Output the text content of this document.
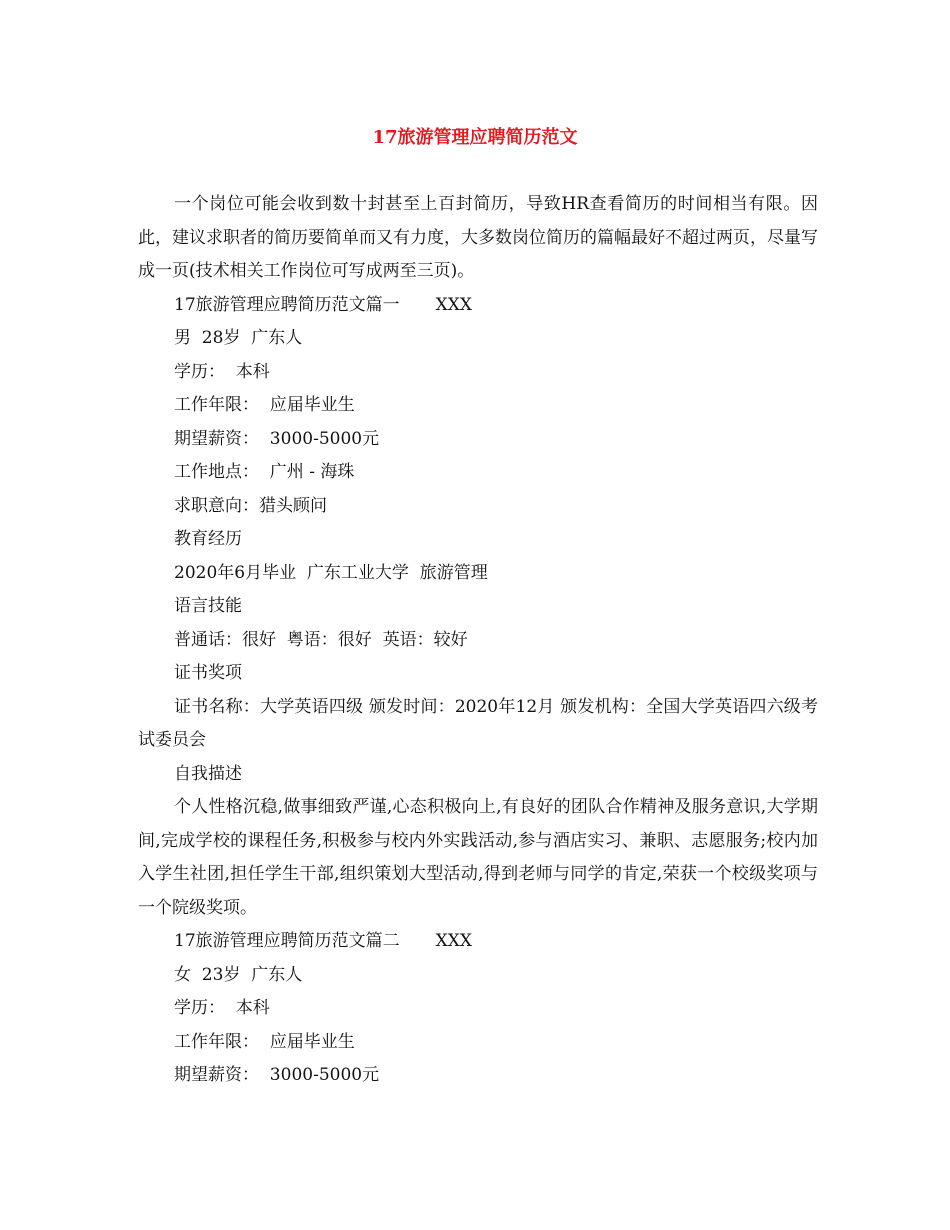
17旅游管理应聘简历范文

一个岗位可能会收到数十封甚至上百封简历，导致HR查看简历的时间相当有限。因此，建议求职者的简历要简单而又有力度，大多数岗位简历的篇幅最好不超过两页，尽量写成一页(技术相关工作岗位可写成两至三页)。

17旅游管理应聘简历范文篇一 XXX

男  28岁  广东人

学历：  本科

工作年限：  应届毕业生

期望薪资：  3000-5000元

工作地点：  广州 - 海珠

求职意向：猎头顾问

教育经历

2020年6月毕业  广东工业大学  旅游管理

语言技能

普通话：很好  粤语：很好  英语：较好

证书奖项

证书名称：大学英语四级 颁发时间：2020年12月 颁发机构：全国大学英语四六级考试委员会

自我描述

个人性格沉稳,做事细致严谨,心态积极向上,有良好的团队合作精神及服务意识,大学期间,完成学校的课程任务,积极参与校内外实践活动,参与酒店实习、兼职、志愿服务;校内加入学生社团,担任学生干部,组织策划大型活动,得到老师与同学的肯定,荣获一个校级奖项与一个院级奖项。

17旅游管理应聘简历范文篇二 XXX

女  23岁  广东人

学历：  本科

工作年限：  应届毕业生

期望薪资：  3000-5000元
